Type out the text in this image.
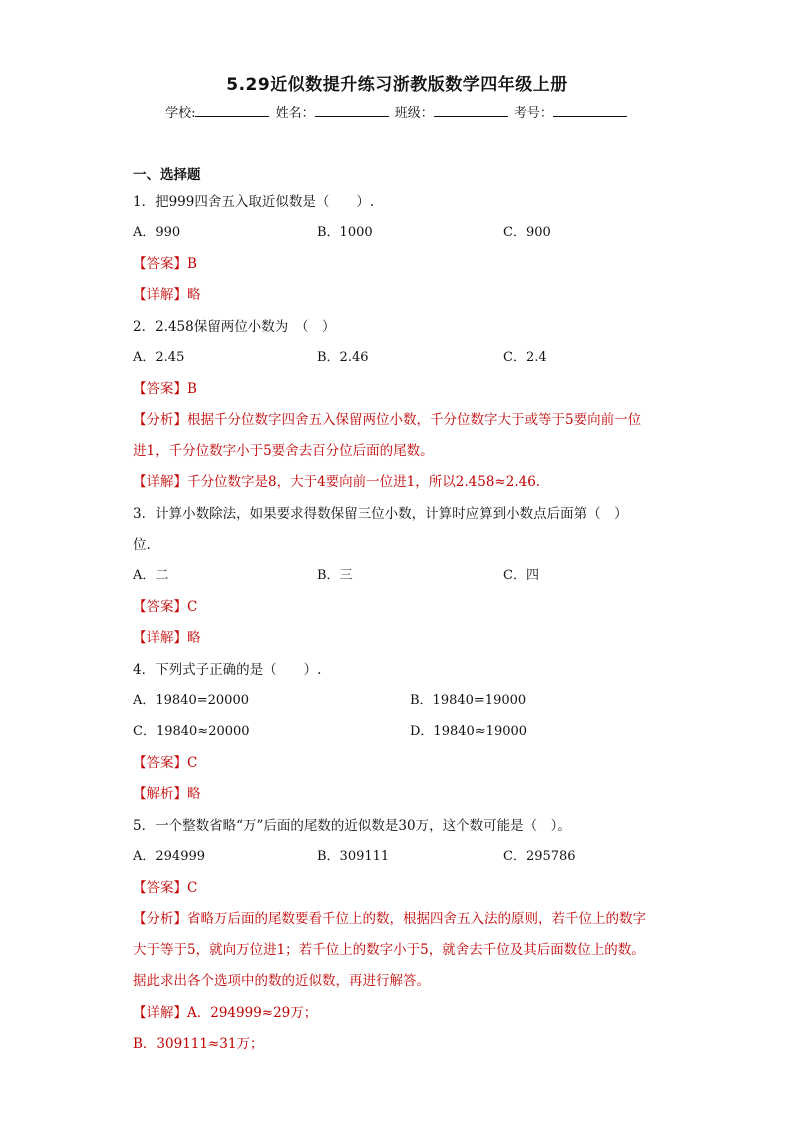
5.29近似数提升练习浙教版数学四年级上册
学校:	姓名：	班级：	考号：
一、选择题
1．把999四舍五入取近似数是（　　）.
A．990	B．1000	C．900
【答案】B
【详解】略
2．2.458保留两位小数为　（　）
A．2.45	B．2.46	C．2.4
【答案】B
【分析】根据千分位数字四舍五入保留两位小数，千分位数字大于或等于5要向前一位
进1，千分位数字小于5要舍去百分位后面的尾数。
【详解】千分位数字是8，大于4要向前一位进1，所以2.458≈2.46.
3．计算小数除法，如果要求得数保留三位小数，计算时应算到小数点后面第（　）
位.
A．二	B．三	C．四
【答案】C
【详解】略
4．下列式子正确的是（　　）.
A．19840=20000	B．19840=19000
C．19840≈20000	D．19840≈19000
【答案】C
【解析】略
5．一个整数省略“万”后面的尾数的近似数是30万，这个数可能是（　）。
A．294999	B．309111	C．295786
【答案】C
【分析】省略万后面的尾数要看千位上的数，根据四舍五入法的原则，若千位上的数字
大于等于5，就向万位进1；若千位上的数字小于5，就舍去千位及其后面数位上的数。
据此求出各个选项中的数的近似数，再进行解答。
【详解】A．294999≈29万；
B．309111≈31万；
